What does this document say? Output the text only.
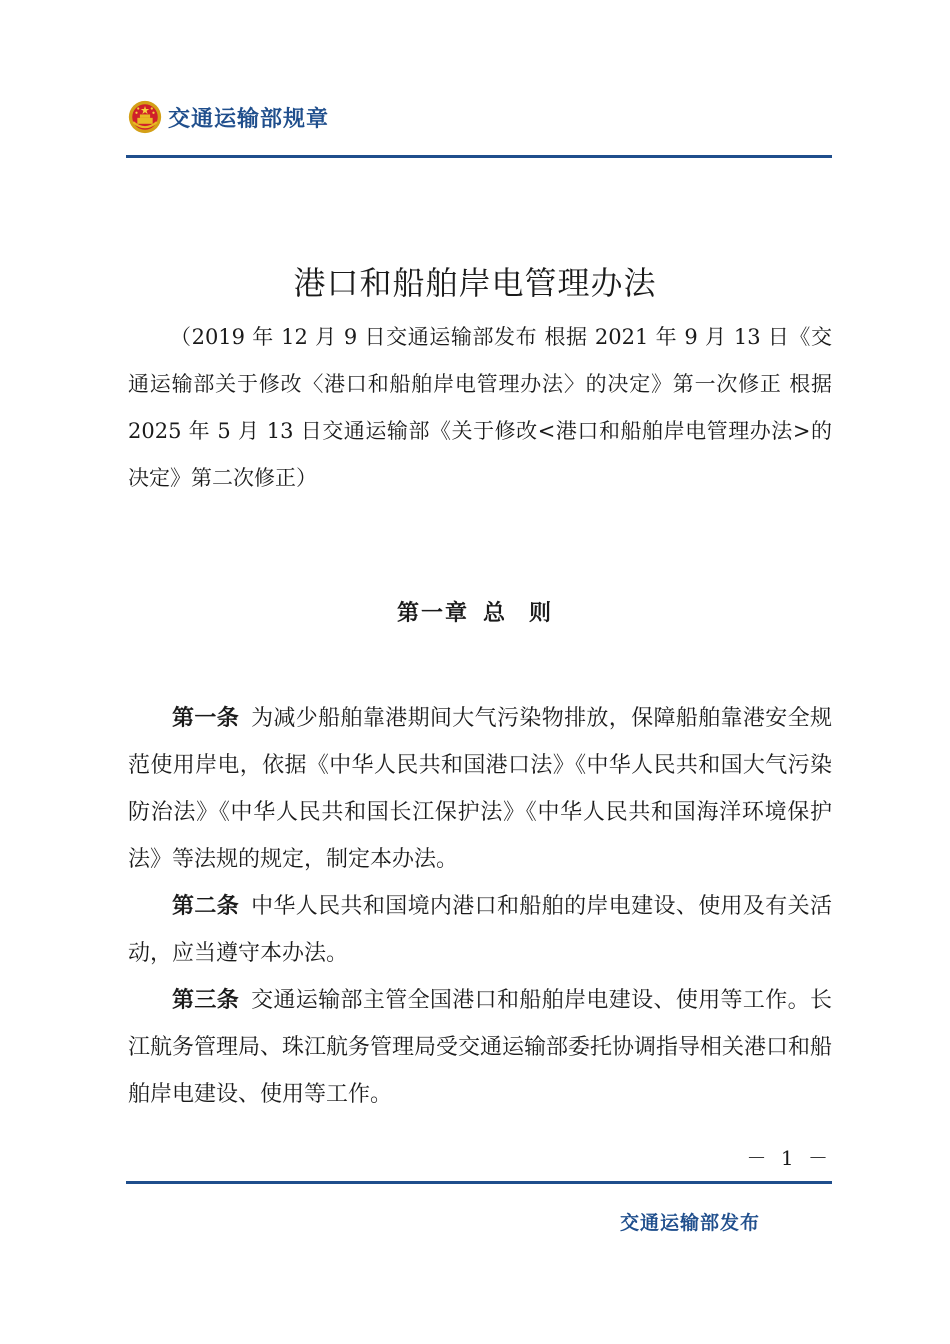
交通运输部规章
港口和船舶岸电管理办法

（2019 年 12 月 9 日交通运输部发布 根据 2021 年 9 月 13 日《交通运输部关于修改〈港口和船舶岸电管理办法〉的决定》第一次修正 根据 2025 年 5 月 13 日交通运输部《关于修改<港口和船舶岸电管理办法>的决定》第二次修正）

第一章 总 则

第一条 为减少船舶靠港期间大气污染物排放，保障船舶靠港安全规范使用岸电，依据《中华人民共和国港口法》《中华人民共和国大气污染防治法》《中华人民共和国长江保护法》《中华人民共和国海洋环境保护法》等法规的规定，制定本办法。

第二条 中华人民共和国境内港口和船舶的岸电建设、使用及有关活动，应当遵守本办法。

第三条 交通运输部主管全国港口和船舶岸电建设、使用等工作。长江航务管理局、珠江航务管理局受交通运输部委托协调指导相关港口和船舶岸电建设、使用等工作。

－ 1 －
交通运输部发布
